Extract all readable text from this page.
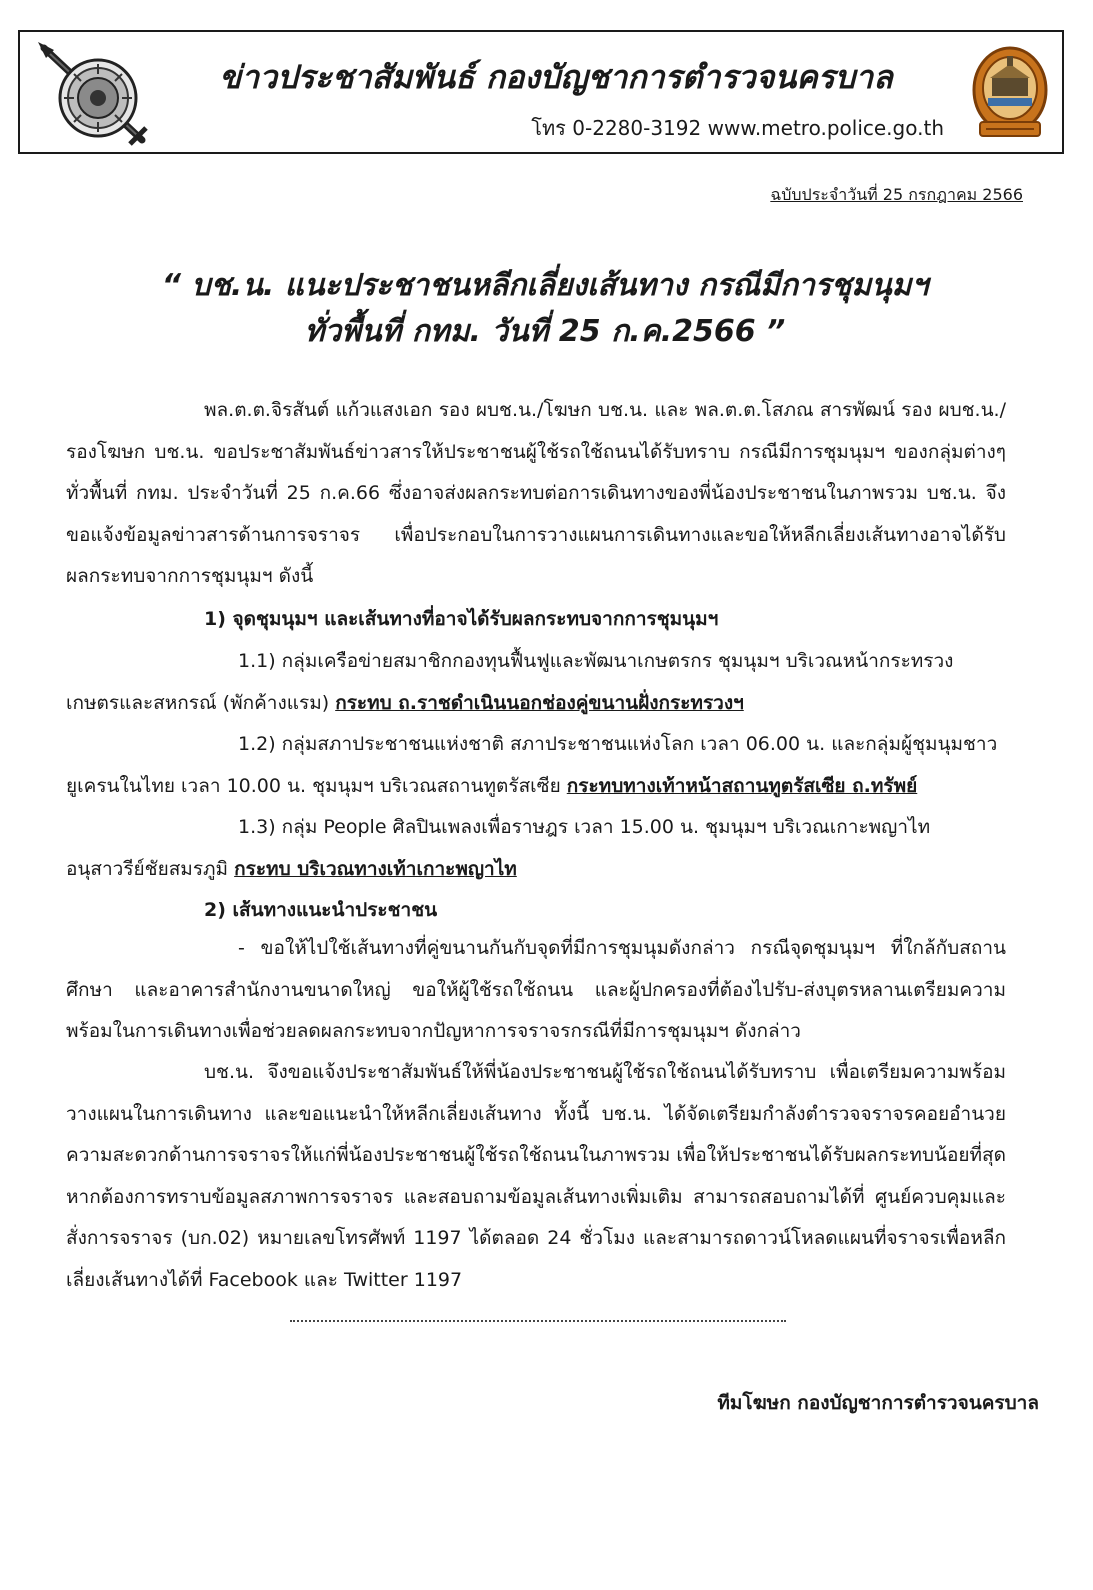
ข่าวประชาสัมพันธ์ กองบัญชาการตำรวจนครบาล
โทร 0-2280-3192 www.metro.police.go.th
ฉบับประจำวันที่ 25 กรกฎาคม 2566
“ บช.น. แนะประชาชนหลีกเลี่ยงเส้นทาง กรณีมีการชุมนุมฯ
ทั่วพื้นที่ กทม. วันที่ 25 ก.ค.2566 ”
พล.ต.ต.จิรสันต์ แก้วแสงเอก รอง ผบช.น./โฆษก บช.น. และ พล.ต.ต.โสภณ สารพัฒน์ รอง ผบช.น./ รองโฆษก บช.น. ขอประชาสัมพันธ์ข่าวสารให้ประชาชนผู้ใช้รถใช้ถนนได้รับทราบ กรณีมีการชุมนุมฯ ของกลุ่มต่างๆ ทั่วพื้นที่ กทม. ประจำวันที่ 25 ก.ค.66 ซึ่งอาจส่งผลกระทบต่อการเดินทางของพี่น้องประชาชนในภาพรวม บช.น. จึงขอแจ้งข้อมูลข่าวสารด้านการจราจร เพื่อประกอบในการวางแผนการเดินทางและขอให้หลีกเลี่ยงเส้นทางอาจได้รับผลกระทบจากการชุมนุมฯ ดังนี้
1) จุดชุมนุมฯ และเส้นทางที่อาจได้รับผลกระทบจากการชุมนุมฯ
1.1) กลุ่มเครือข่ายสมาชิกกองทุนฟื้นฟูและพัฒนาเกษตรกร ชุมนุมฯ บริเวณหน้ากระทรวง
เกษตรและสหกรณ์ (พักค้างแรม) กระทบ ถ.ราชดำเนินนอกช่องคู่ขนานฝั่งกระทรวงฯ
1.2) กลุ่มสภาประชาชนแห่งชาติ สภาประชาชนแห่งโลก เวลา 06.00 น. และกลุ่มผู้ชุมนุมชาว
ยูเครนในไทย เวลา 10.00 น. ชุมนุมฯ บริเวณสถานทูตรัสเซีย กระทบทางเท้าหน้าสถานทูตรัสเซีย ถ.ทรัพย์
1.3) กลุ่ม People ศิลปินเพลงเพื่อราษฎร เวลา 15.00 น. ชุมนุมฯ บริเวณเกาะพญาไท
อนุสาวรีย์ชัยสมรภูมิ กระทบ บริเวณทางเท้าเกาะพญาไท
2) เส้นทางแนะนำประชาชน
- ขอให้ไปใช้เส้นทางที่คู่ขนานกันกับจุดที่มีการชุมนุมดังกล่าว กรณีจุดชุมนุมฯ ที่ใกล้กับสถานศึกษา และอาคารสำนักงานขนาดใหญ่ ขอให้ผู้ใช้รถใช้ถนน และผู้ปกครองที่ต้องไปรับ-ส่งบุตรหลานเตรียมความพร้อมในการเดินทางเพื่อช่วยลดผลกระทบจากปัญหาการจราจรกรณีที่มีการชุมนุมฯ ดังกล่าว
บช.น. จึงขอแจ้งประชาสัมพันธ์ให้พี่น้องประชาชนผู้ใช้รถใช้ถนนได้รับทราบ เพื่อเตรียมความพร้อมวางแผนในการเดินทาง และขอแนะนำให้หลีกเลี่ยงเส้นทาง ทั้งนี้ บช.น. ได้จัดเตรียมกำลังตำรวจจราจรคอยอำนวยความสะดวกด้านการจราจรให้แก่พี่น้องประชาชนผู้ใช้รถใช้ถนนในภาพรวม เพื่อให้ประชาชนได้รับผลกระทบน้อยที่สุด หากต้องการทราบข้อมูลสภาพการจราจร และสอบถามข้อมูลเส้นทางเพิ่มเติม สามารถสอบถามได้ที่ ศูนย์ควบคุมและสั่งการจราจร (บก.02) หมายเลขโทรศัพท์ 1197 ได้ตลอด 24 ชั่วโมง และสามารถดาวน์โหลดแผนที่จราจรเพื่อหลีกเลี่ยงเส้นทางได้ที่ Facebook และ Twitter 1197
ทีมโฆษก กองบัญชาการตำรวจนครบาล
